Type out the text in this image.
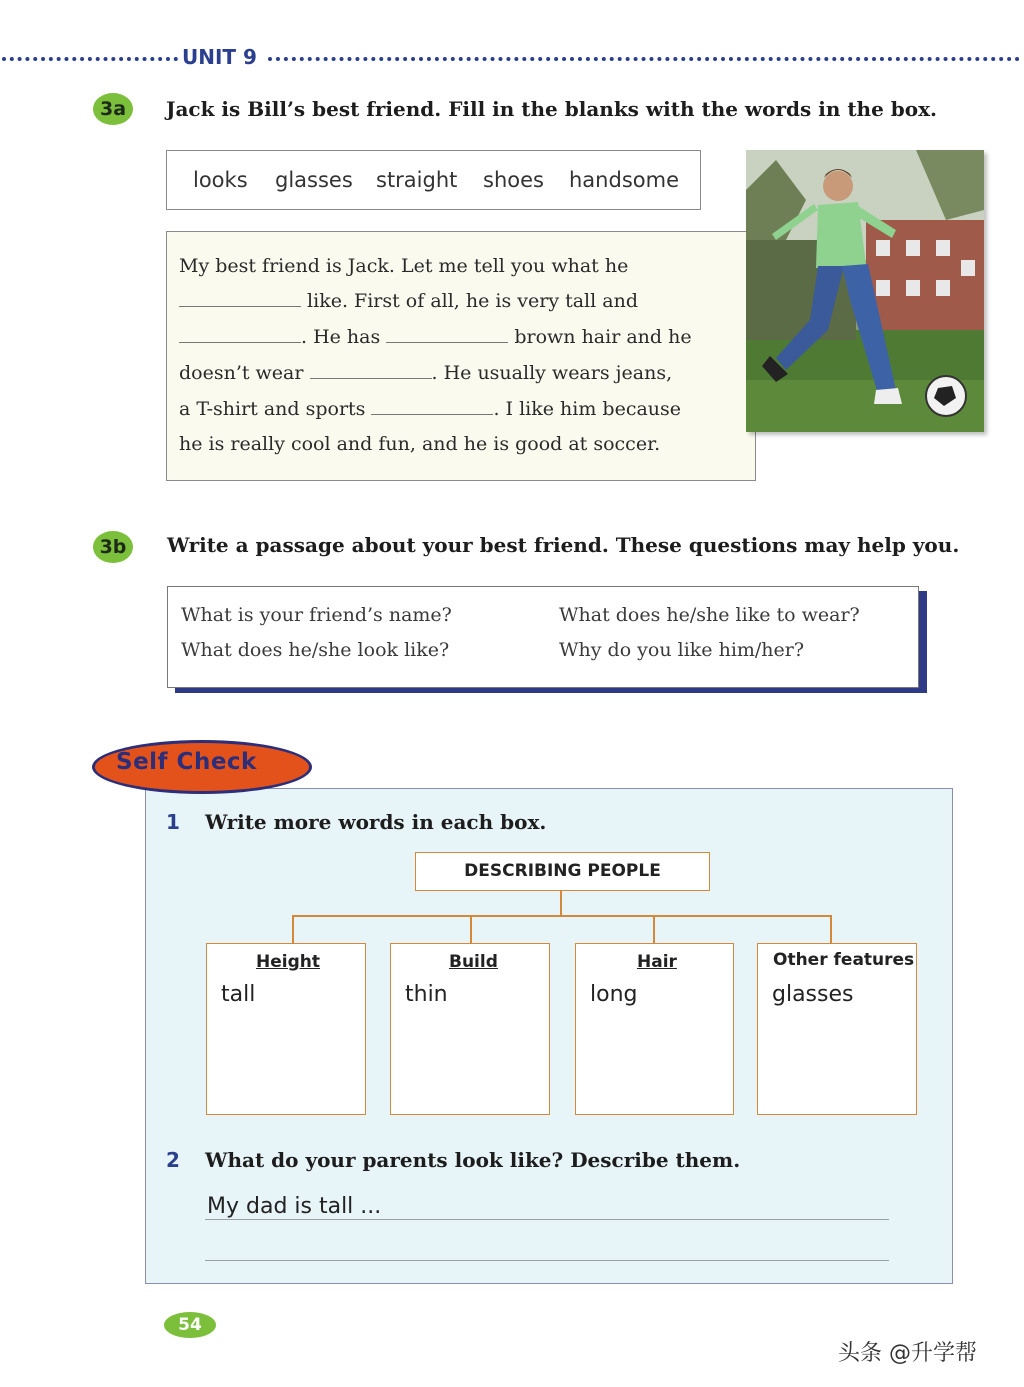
UNIT 9
3a	Jack is Bill’s best friend. Fill in the blanks with the words in the box.
looks glasses straight shoes handsome
My best friend is Jack. Let me tell you what he
like. First of all, he is very tall and
. He has	brown hair and he
doesn’t wear	. He usually wears jeans,
a T-shirt and sports	. I like him because
he is really cool and fun, and he is good at soccer.
3b	Write a passage about your best friend. These questions may help you.
What is your friend’s name?
What does he/she look like?
What does he/she like to wear?
Why do you like him/her?
Self Check
1 Write more words in each box.
DESCRIBING PEOPLE
Height
tall
Build
thin
Hair
long
Other features
glasses
2 What do your parents look like? Describe them.
My dad is tall ...
54
头条 @升学帮
